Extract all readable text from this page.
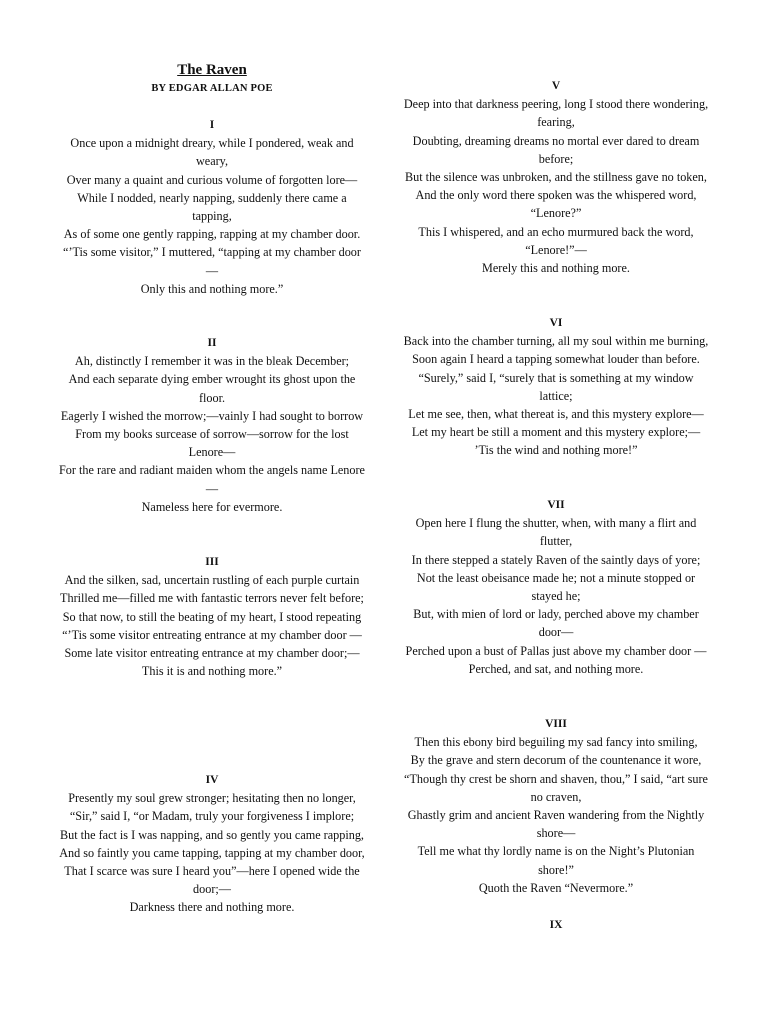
The Raven
BY EDGAR ALLAN POE
I

Once upon a midnight dreary, while I pondered, weak and weary,

Over many a quaint and curious volume of forgotten lore—

While I nodded, nearly napping, suddenly there came a tapping,

As of some one gently rapping, rapping at my chamber door.

“’Tis some visitor,” I muttered, “tapping at my chamber door—

Only this and nothing more.”

II

Ah, distinctly I remember it was in the bleak December;

And each separate dying ember wrought its ghost upon the floor.

Eagerly I wished the morrow;—vainly I had sought to borrow

From my books surcease of sorrow—sorrow for the lost Lenore—

For the rare and radiant maiden whom the angels name Lenore—

Nameless here for evermore.

III

And the silken, sad, uncertain rustling of each purple curtain

Thrilled me—filled me with fantastic terrors never felt before;

So that now, to still the beating of my heart, I stood repeating

“’Tis some visitor entreating entrance at my chamber door —

Some late visitor entreating entrance at my chamber door;—

This it is and nothing more.”

IV

Presently my soul grew stronger; hesitating then no longer,

“Sir,” said I, “or Madam, truly your forgiveness I implore;

But the fact is I was napping, and so gently you came rapping,

And so faintly you came tapping, tapping at my chamber door,

That I scarce was sure I heard you”—here I opened wide the door;—

Darkness there and nothing more.

V

Deep into that darkness peering, long I stood there wondering, fearing,

Doubting, dreaming dreams no mortal ever dared to dream before;

But the silence was unbroken, and the stillness gave no token,

And the only word there spoken was the whispered word, “Lenore?”

This I whispered, and an echo murmured back the word, “Lenore!”—

Merely this and nothing more.

VI

Back into the chamber turning, all my soul within me burning,

Soon again I heard a tapping somewhat louder than before.

“Surely,” said I, “surely that is something at my window lattice;

Let me see, then, what thereat is, and this mystery explore—

Let my heart be still a moment and this mystery explore;—

’Tis the wind and nothing more!”

VII

Open here I flung the shutter, when, with many a flirt and flutter,

In there stepped a stately Raven of the saintly days of yore;

Not the least obeisance made he; not a minute stopped or stayed he;

But, with mien of lord or lady, perched above my chamber door—

Perched upon a bust of Pallas just above my chamber door —

Perched, and sat, and nothing more.

VIII

Then this ebony bird beguiling my sad fancy into smiling,

By the grave and stern decorum of the countenance it wore,

“Though thy crest be shorn and shaven, thou,” I said, “art sure no craven,

Ghastly grim and ancient Raven wandering from the Nightly shore—

Tell me what thy lordly name is on the Night’s Plutonian shore!”

Quoth the Raven “Nevermore.”

IX
